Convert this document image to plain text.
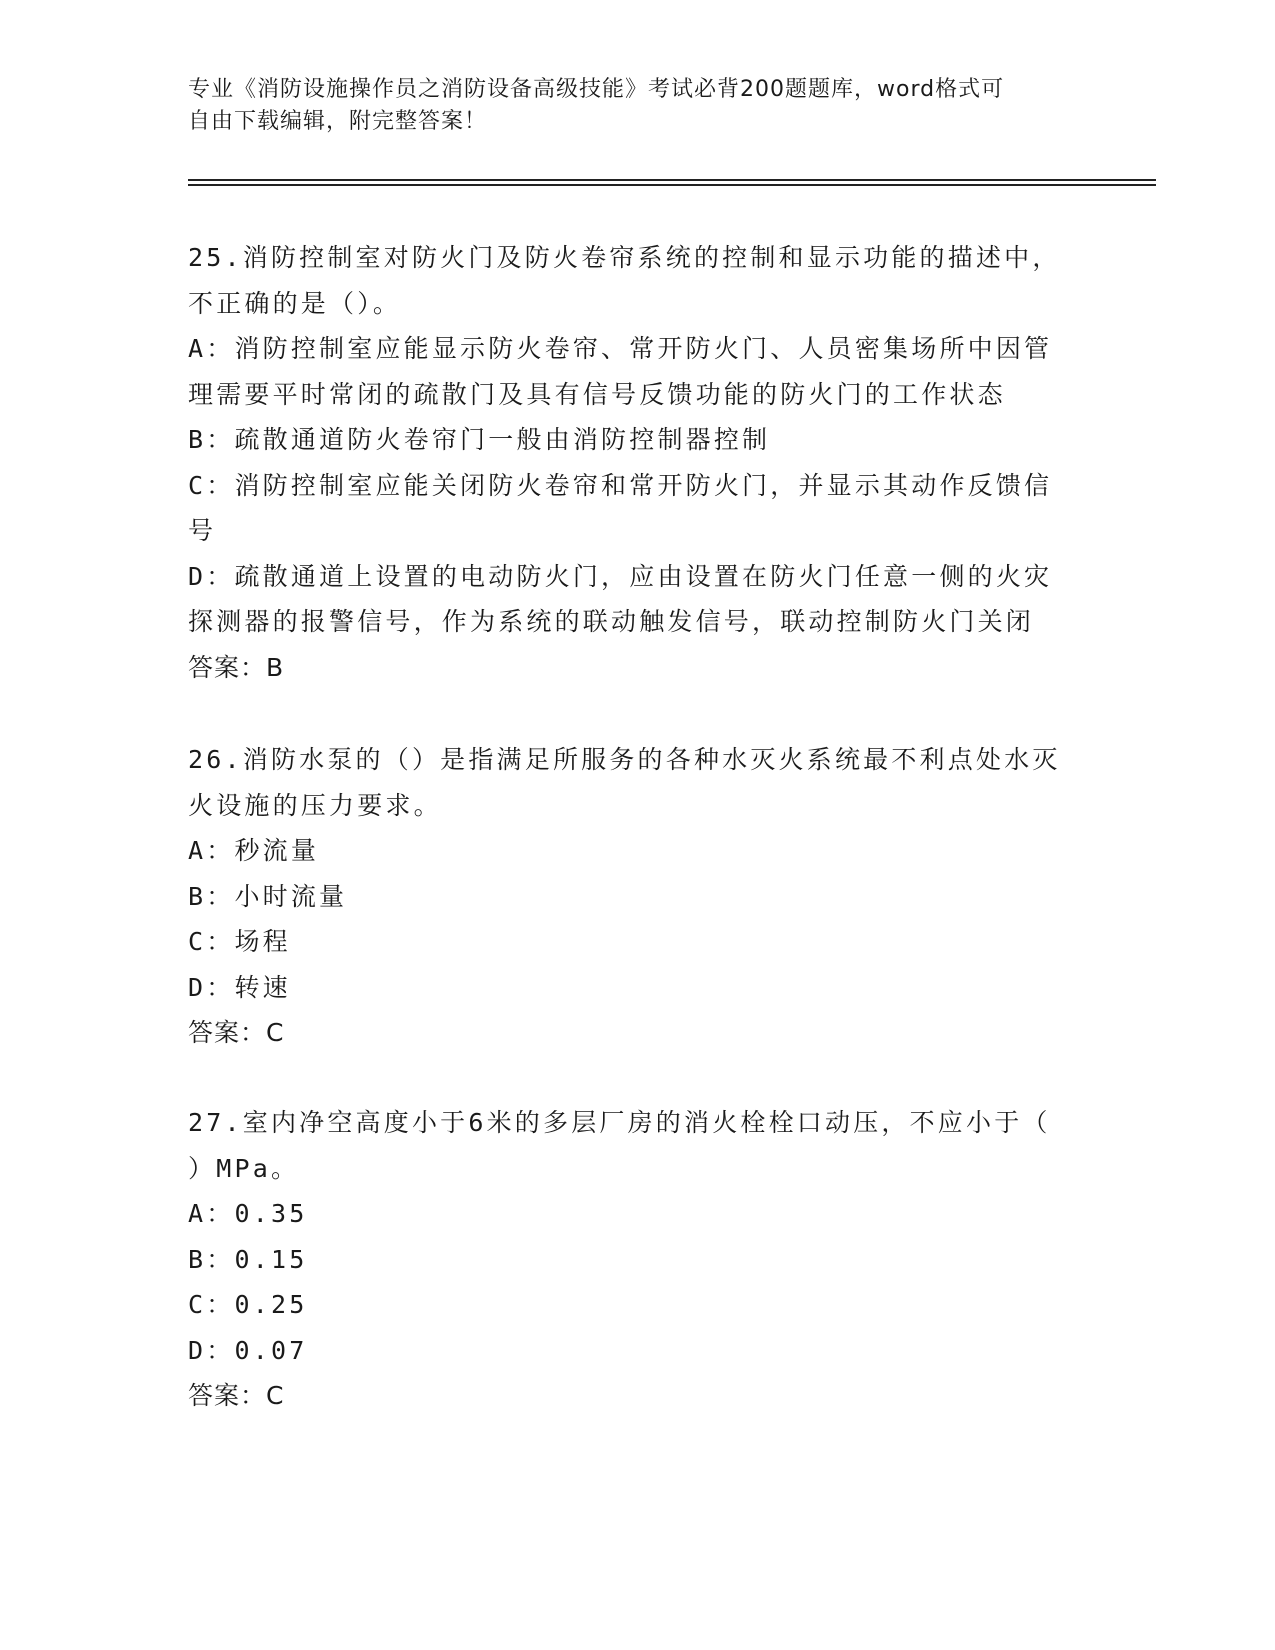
专业《消防设施操作员之消防设备高级技能》考试必背200题题库，word格式可
自由下载编辑，附完整答案！
25.消防控制室对防火门及防火卷帘系统的控制和显示功能的描述中，
不正确的是（）。
A：消防控制室应能显示防火卷帘、常开防火门、人员密集场所中因管
理需要平时常闭的疏散门及具有信号反馈功能的防火门的工作状态
B：疏散通道防火卷帘门一般由消防控制器控制
C：消防控制室应能关闭防火卷帘和常开防火门，并显示其动作反馈信
号
D：疏散通道上设置的电动防火门，应由设置在防火门任意一侧的火灾
探测器的报警信号，作为系统的联动触发信号，联动控制防火门关闭
答案：B
26.消防水泵的（）是指满足所服务的各种水灭火系统最不利点处水灭
火设施的压力要求。
A：秒流量
B：小时流量
C：场程
D：转速
答案：C
27.室内净空高度小于6米的多层厂房的消火栓栓口动压，不应小于（
）MPa。
A：0.35
B：0.15
C：0.25
D：0.07
答案：C
